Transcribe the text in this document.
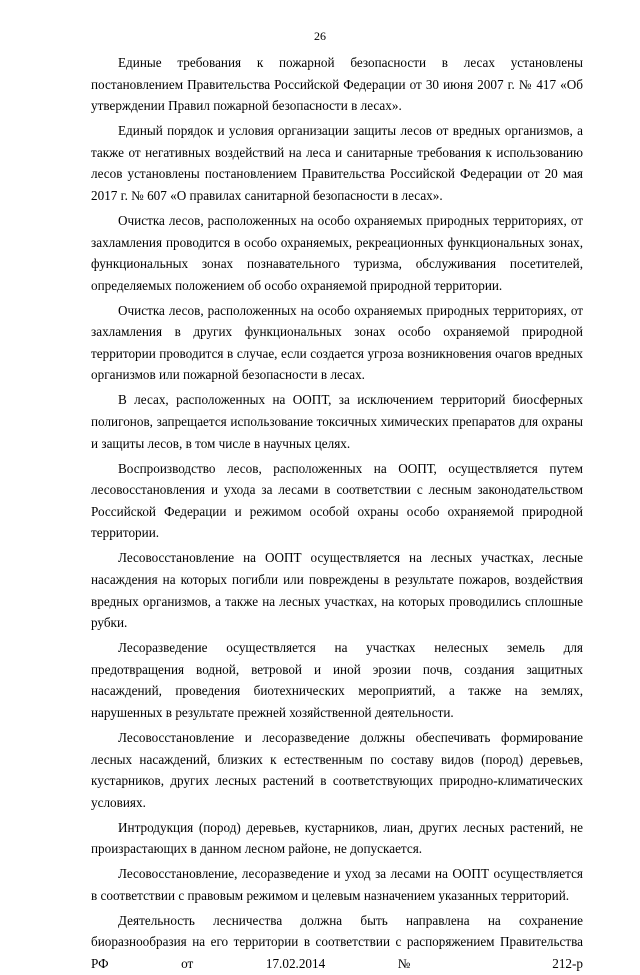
26

Единые требования к пожарной безопасности в лесах установлены постановлением Правительства Российской Федерации от 30 июня 2007 г. № 417 «Об утверждении Правил пожарной безопасности в лесах».

Единый порядок и условия организации защиты лесов от вредных организмов, а также от негативных воздействий на леса и санитарные требования к использованию лесов установлены постановлением Правительства Российской Федерации от 20 мая 2017 г. № 607 «О правилах санитарной безопасности в лесах».

Очистка лесов, расположенных на особо охраняемых природных территориях, от захламления проводится в особо охраняемых, рекреационных функциональных зонах, функциональных зонах познавательного туризма, обслуживания посетителей, определяемых положением об особо охраняемой природной территории.

Очистка лесов, расположенных на особо охраняемых природных территориях, от захламления в других функциональных зонах особо охраняемой природной территории проводится в случае, если создается угроза возникновения очагов вредных организмов или пожарной безопасности в лесах.

В лесах, расположенных на ООПТ, за исключением территорий биосферных полигонов, запрещается использование токсичных химических препаратов для охраны и защиты лесов, в том числе в научных целях.

Воспроизводство лесов, расположенных на ООПТ, осуществляется путем лесовосстановления и ухода за лесами в соответствии с лесным законодательством Российской Федерации и режимом особой охраны особо охраняемой природной территории.

Лесовосстановление на ООПТ осуществляется на лесных участках, лесные насаждения на которых погибли или повреждены в результате пожаров, воздействия вредных организмов, а также на лесных участках, на которых проводились сплошные рубки.

Лесоразведение осуществляется на участках нелесных земель для предотвращения водной, ветровой и иной эрозии почв, создания защитных насаждений, проведения биотехнических мероприятий, а также на землях, нарушенных в результате прежней хозяйственной деятельности.

Лесовосстановление и лесоразведение должны обеспечивать формирование лесных насаждений, близких к естественным по составу видов (пород) деревьев, кустарников, других лесных растений в соответствующих природно-климатических условиях.

Интродукция (пород) деревьев, кустарников, лиан, других лесных растений, не произрастающих в данном лесном районе, не допускается.

Лесовосстановление, лесоразведение и уход за лесами на ООПТ осуществляется в соответствии с правовым режимом и целевым назначением указанных территорий.

Деятельность лесничества должна быть направлена на сохранение биоразнообразия на его территории в соответствии с распоряжением Правительства РФ от 17.02.2014 № 212-р
